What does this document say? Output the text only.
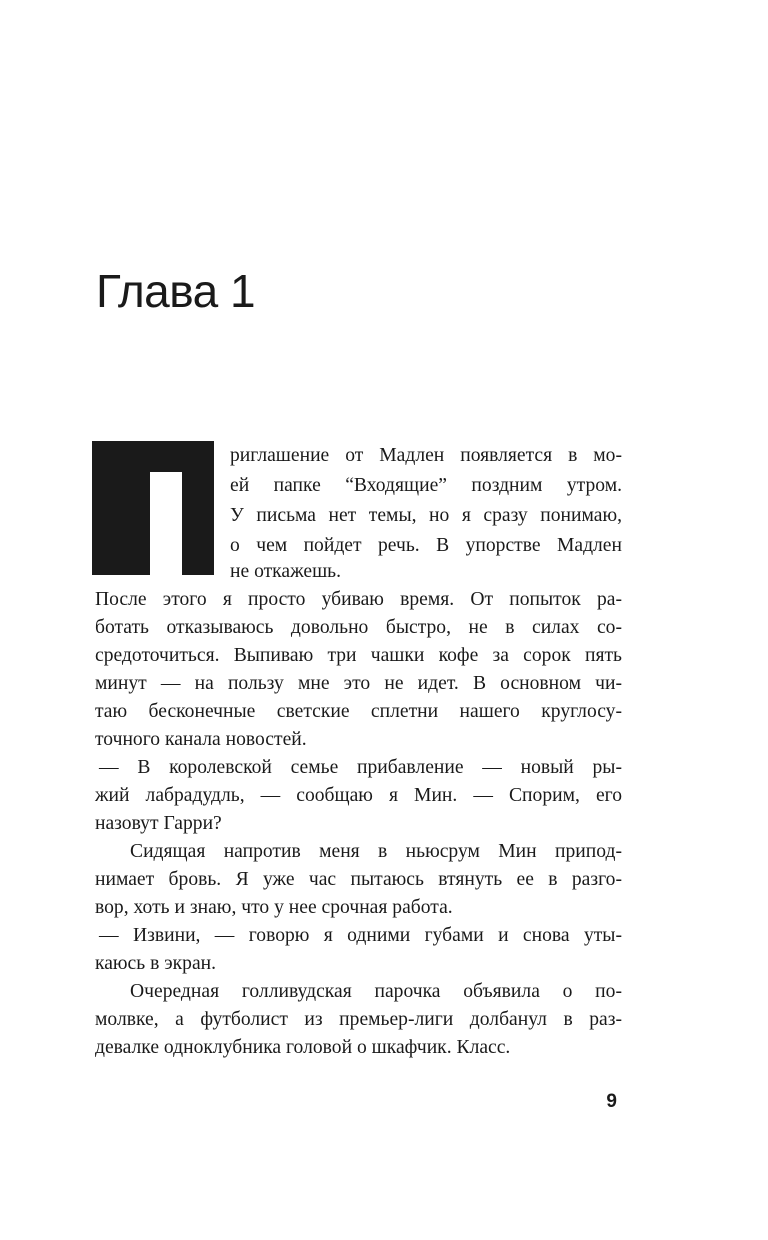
Глава 1
риглашение от Мадлен появляется в мо-
ей папке “Входящие” поздним утром.
У письма нет темы, но я сразу понимаю,
о чем пойдет речь. В упорстве Мадлен
не откажешь.
После этого я просто убиваю время. От попыток ра-
ботать отказываюсь довольно быстро, не в силах со-
средоточиться. Выпиваю три чашки кофе за сорок пять
минут — на пользу мне это не идет. В основном чи-
таю бесконечные светские сплетни нашего круглосу-
точного канала новостей.
— В королевской семье прибавление — новый ры-
жий лабрадудль, — сообщаю я Мин. — Спорим, его
назовут Гарри?
Сидящая напротив меня в ньюсрум Мин припод-
нимает бровь. Я уже час пытаюсь втянуть ее в разго-
вор, хоть и знаю, что у нее срочная работа.
— Извини, — говорю я одними губами и снова уты-
каюсь в экран.
Очередная голливудская парочка объявила о по-
молвке, а футболист из премьер-лиги долбанул в раз-
девалке одноклубника головой о шкафчик. Класс.
9
